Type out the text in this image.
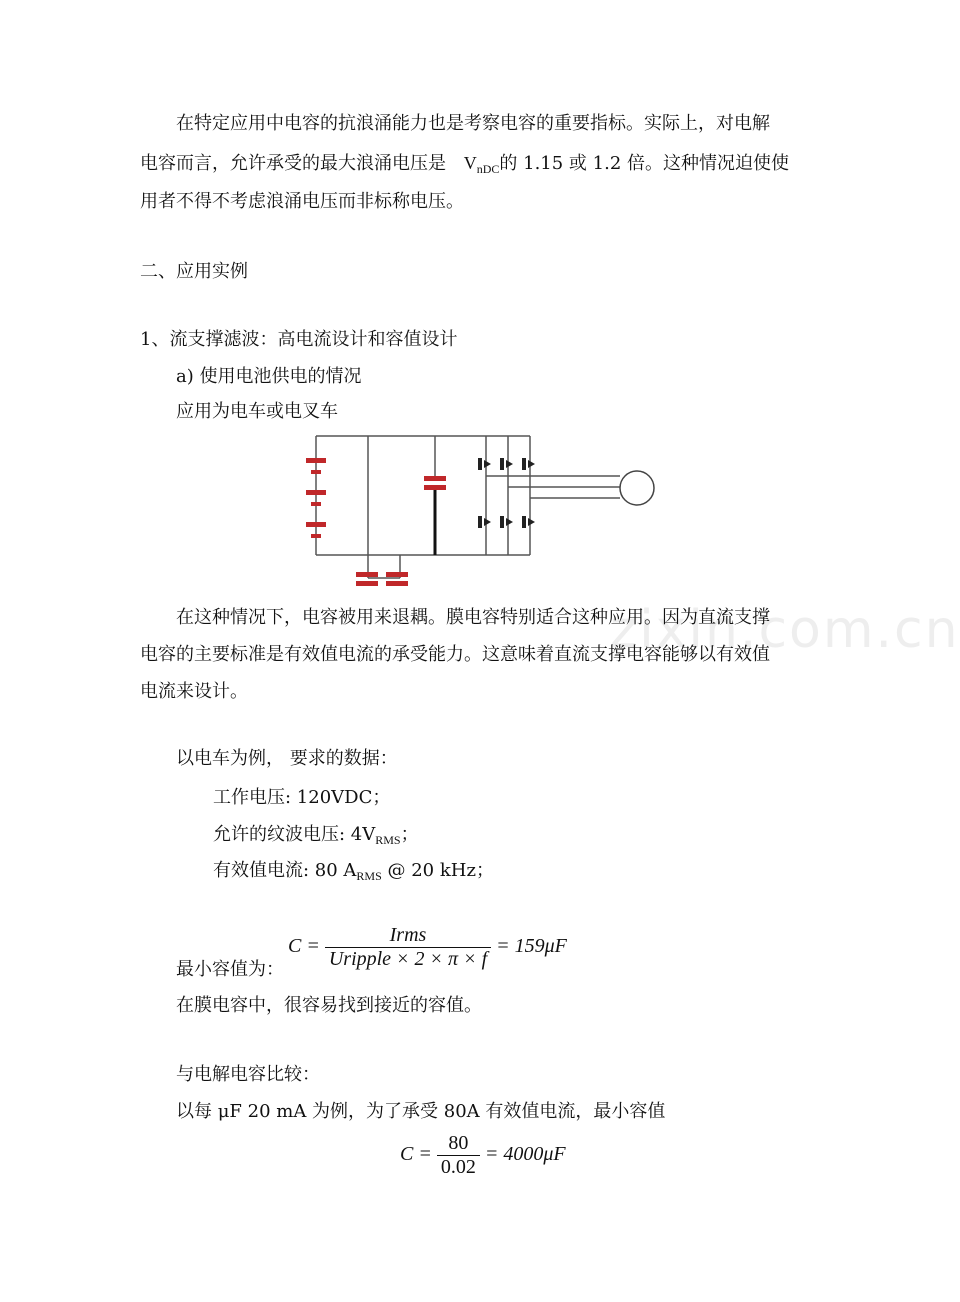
zixin.com.cn
在特定应用中电容的抗浪涌能力也是考察电容的重要指标。实际上，对电解
电容而言，允许承受的最大浪涌电压是 $V_{nDC}$的 1.15 或 1.2 倍。这种情况迫使使
用者不得不考虑浪涌电压而非标称电压。
二、应用实例
1、流支撑滤波：高电流设计和容值设计
a) 使用电池供电的情况
应用为电车或电叉车
在这种情况下，电容被用来退耦。膜电容特别适合这种应用。因为直流支撑
电容的主要标准是有效值电流的承受能力。这意味着直流支撑电容能够以有效值
电流来设计。
以电车为例， 要求的数据：
工作电压: 120VDC；
允许的纹波电压: $4V_{RMS}$；
有效值电流: 80 $A_{RMS}$ @ 20 kHz；
$C = \frac{\text{Irms}}{\text{Uripple × 2 × π × f}} = 159\mu F$
最小容值为：
在膜电容中，很容易找到接近的容值。
与电解电容比较：
以每 μF 20 mA 为例，为了承受 80A 有效值电流，最小容值
$C = \frac{80}{0.02} = 4000\mu F$
